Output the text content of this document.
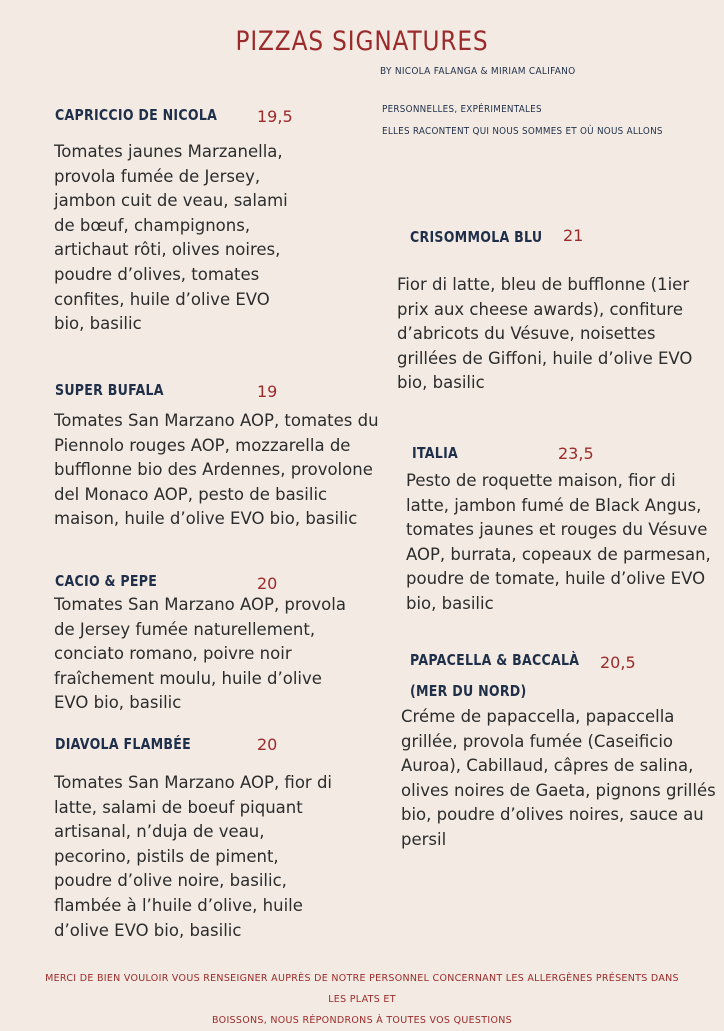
PIZZAS SIGNATURES
BY NICOLA FALANGA & MIRIAM CALIFANO
PERSONNELLES, EXPÉRIMENTALES
ELLES RACONTENT QUI NOUS SOMMES ET OÙ NOUS ALLONS
CAPRICCIO DE NICOLA 19,5
Tomates jaunes Marzanella, provola fumée de Jersey, jambon cuit de veau, salami de bœuf, champignons, artichaut rôti, olives noires, poudre d’olives, tomates confites, huile d’olive EVO bio, basilic
SUPER BUFALA	19
Tomates San Marzano AOP, tomates du Piennolo rouges AOP, mozzarella de bufflonne bio des Ardennes, provolone del Monaco AOP, pesto de basilic maison, huile d’olive EVO bio, basilic
CACIO & PEPE	20
Tomates San Marzano AOP, provola de Jersey fumée naturellement, conciato romano, poivre noir fraîchement moulu, huile d’olive EVO bio, basilic
DIAVOLA FLAMBÉE	20
Tomates San Marzano AOP, fior di latte, salami de boeuf piquant artisanal, n’duja de veau, pecorino, pistils de piment, poudre d’olive noire, basilic, flambée à l’huile d’olive, huile d’olive EVO bio, basilic
CRISOMMOLA BLU 21
Fior di latte, bleu de bufflonne (1ier prix aux cheese awards), confiture d’abricots du Vésuve, noisettes grillées de Giffoni, huile d’olive EVO bio, basilic
ITALIA	23,5
Pesto de roquette maison, fior di latte, jambon fumé de Black Angus, tomates jaunes et rouges du Vésuve AOP, burrata, copeaux de parmesan, poudre de tomate, huile d’olive EVO bio, basilic
PAPACELLA & BACCALÀ 20,5
(MER DU NORD)
Créme de papaccella, papaccella grillée, provola fumée (Caseificio Auroa), Cabillaud, câpres de salina, olives noires de Gaeta, pignons grillés bio, poudre d’olives noires, sauce au persil
MERCI DE BIEN VOULOIR VOUS RENSEIGNER AUPRÈS DE NOTRE PERSONNEL CONCERNANT LES ALLERGÈNES PRÉSENTS DANS LES PLATS ET
BOISSONS, NOUS RÉPONDRONS À TOUTES VOS QUESTIONS
